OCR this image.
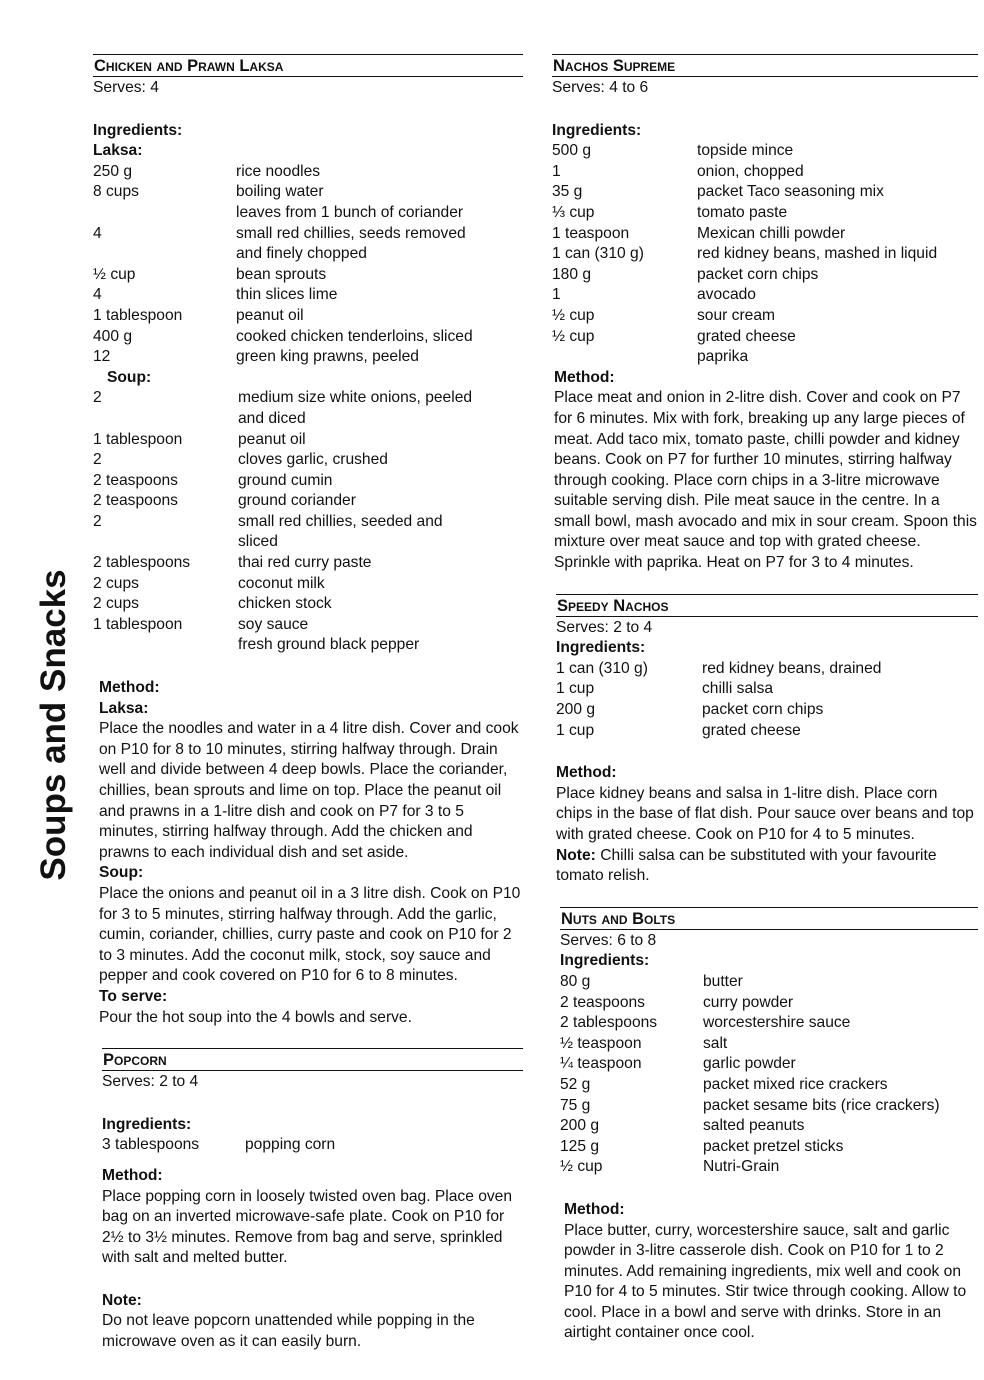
Soups and Snacks
Chicken and Prawn Laksa
Serves: 4
Ingredients:
Laksa:
250 g	rice noodles
8 cups	boiling water
leaves from 1 bunch of coriander
4	small red chillies, seeds removed
and finely chopped
½ cup	bean sprouts
4	thin slices lime
1 tablespoon	peanut oil
400 g	cooked chicken tenderloins, sliced
12	green king prawns, peeled
Soup:
2	medium size white onions, peeled
and diced
1 tablespoon	peanut oil
2	cloves garlic, crushed
2 teaspoons	ground cumin
2 teaspoons	ground coriander
2	small red chillies, seeded and
sliced
2 tablespoons	thai red curry paste
2 cups	coconut milk
2 cups	chicken stock
1 tablespoon	soy sauce
fresh ground black pepper
Method:
Laksa:

Place the noodles and water in a 4 litre dish. Cover and cook on P10 for 8 to 10 minutes, stirring halfway through. Drain well and divide between 4 deep bowls. Place the coriander, chillies, bean sprouts and lime on top. Place the peanut oil and prawns in a 1-litre dish and cook on P7 for 3 to 5 minutes, stirring halfway through. Add the chicken and prawns to each individual dish and set aside.

Soup:

Place the onions and peanut oil in a 3 litre dish. Cook on P10 for 3 to 5 minutes, stirring halfway through. Add the garlic, cumin, coriander, chillies, curry paste and cook on P10 for 2 to 3 minutes. Add the coconut milk, stock, soy sauce and pepper and cook covered on P10 for 6 to 8 minutes.

To serve:

Pour the hot soup into the 4 bowls and serve.

Popcorn
Serves: 2 to 4
Ingredients:
3 tablespoons	popping corn
Method:

Place popping corn in loosely twisted oven bag. Place oven bag on an inverted microwave-safe plate. Cook on P10 for 2½ to 3½ minutes. Remove from bag and serve, sprinkled with salt and melted butter.

Note:

Do not leave popcorn unattended while popping in the microwave oven as it can easily burn.

Nachos Supreme
Serves: 4 to 6
Ingredients:
500 g	topside mince
1	onion, chopped
35 g	packet Taco seasoning mix
⅓ cup	tomato paste
1 teaspoon	Mexican chilli powder
1 can (310 g)	red kidney beans, mashed in liquid
180 g	packet corn chips
1	avocado
½ cup	sour cream
½ cup	grated cheese
paprika
Method:

Place meat and onion in 2-litre dish. Cover and cook on P7 for 6 minutes. Mix with fork, breaking up any large pieces of meat. Add taco mix, tomato paste, chilli powder and kidney beans. Cook on P7 for further 10 minutes, stirring halfway through cooking. Place corn chips in a 3-litre microwave suitable serving dish. Pile meat sauce in the centre. In a small bowl, mash avocado and mix in sour cream. Spoon this mixture over meat sauce and top with grated cheese. Sprinkle with paprika. Heat on P7 for 3 to 4 minutes.

Speedy Nachos
Serves: 2 to 4
Ingredients:
1 can (310 g)	red kidney beans, drained
1 cup	chilli salsa
200 g	packet corn chips
1 cup	grated cheese
Method:

Place kidney beans and salsa in 1-litre dish. Place corn chips in the base of flat dish. Pour sauce over beans and top with grated cheese. Cook on P10 for 4 to 5 minutes.

Note: Chilli salsa can be substituted with your favourite tomato relish.

Nuts and Bolts
Serves: 6 to 8
Ingredients:
80 g	butter
2 teaspoons	curry powder
2 tablespoons	worcestershire sauce
½ teaspoon	salt
¼ teaspoon	garlic powder
52 g	packet mixed rice crackers
75 g	packet sesame bits (rice crackers)
200 g	salted peanuts
125 g	packet pretzel sticks
½ cup	Nutri-Grain
Method:

Place butter, curry, worcestershire sauce, salt and garlic powder in 3-litre casserole dish. Cook on P10 for 1 to 2 minutes. Add remaining ingredients, mix well and cook on P10 for 4 to 5 minutes. Stir twice through cooking. Allow to cool. Place in a bowl and serve with drinks. Store in an airtight container once cool.
